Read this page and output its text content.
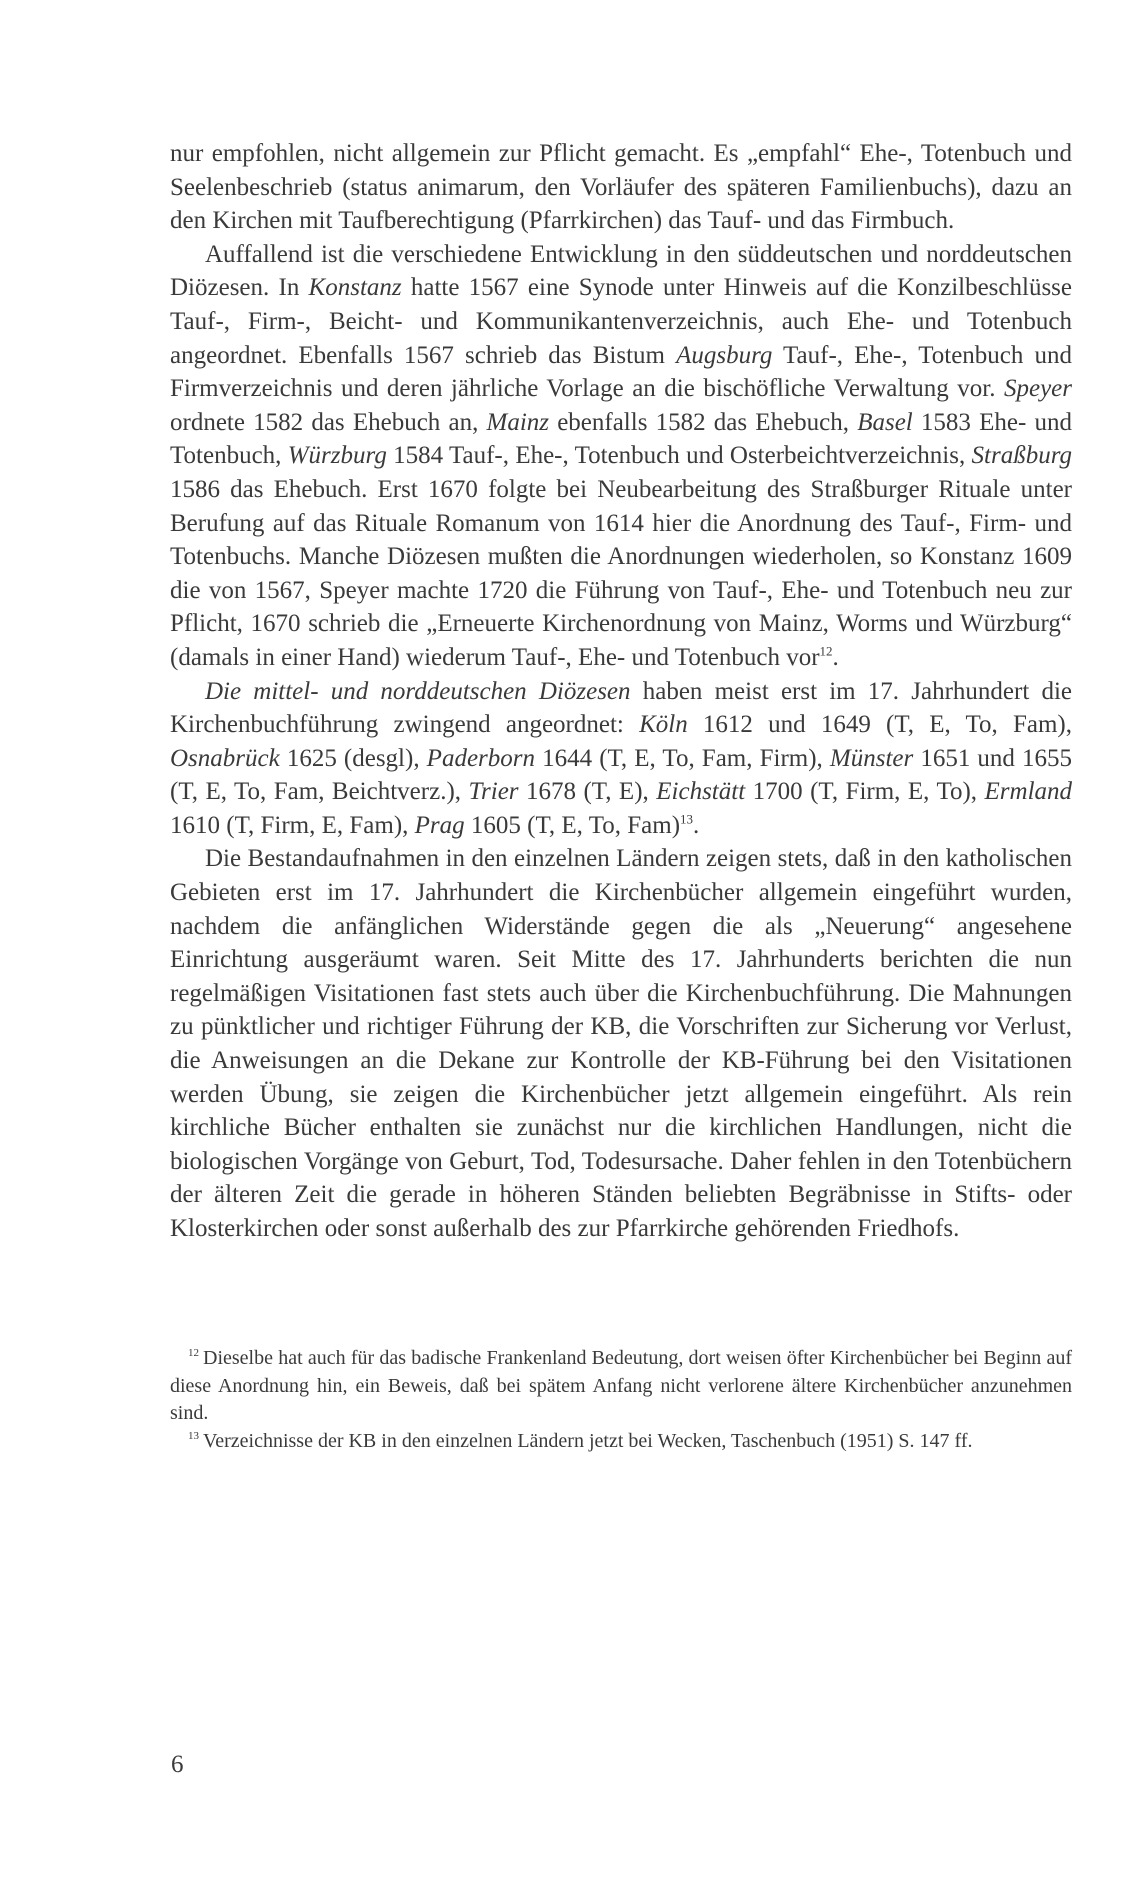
nur empfohlen, nicht allgemein zur Pflicht gemacht. Es „empfahl“ Ehe-, Totenbuch und Seelenbeschrieb (status animarum, den Vorläufer des späteren Familienbuchs), dazu an den Kirchen mit Taufberechtigung (Pfarrkirchen) das Tauf- und das Firmbuch.

Auffallend ist die verschiedene Entwicklung in den süddeutschen und norddeutschen Diözesen. In Konstanz hatte 1567 eine Synode unter Hinweis auf die Konzilbeschlüsse Tauf-, Firm-, Beicht- und Kommunikantenverzeichnis, auch Ehe- und Totenbuch angeordnet. Ebenfalls 1567 schrieb das Bistum Augsburg Tauf-, Ehe-, Totenbuch und Firmverzeichnis und deren jährliche Vorlage an die bischöfliche Verwaltung vor. Speyer ordnete 1582 das Ehebuch an, Mainz ebenfalls 1582 das Ehebuch, Basel 1583 Ehe- und Totenbuch, Würzburg 1584 Tauf-, Ehe-, Totenbuch und Osterbeichtverzeichnis, Straßburg 1586 das Ehebuch. Erst 1670 folgte bei Neubearbeitung des Straßburger Rituale unter Berufung auf das Rituale Romanum von 1614 hier die Anordnung des Tauf-, Firm- und Totenbuchs. Manche Diözesen mußten die Anordnungen wiederholen, so Konstanz 1609 die von 1567, Speyer machte 1720 die Führung von Tauf-, Ehe- und Totenbuch neu zur Pflicht, 1670 schrieb die „Erneuerte Kirchenordnung von Mainz, Worms und Würzburg“ (damals in einer Hand) wiederum Tauf-, Ehe- und Totenbuch vor$^{12}$.

Die mittel- und norddeutschen Diözesen haben meist erst im 17. Jahrhundert die Kirchenbuchführung zwingend angeordnet: Köln 1612 und 1649 (T, E, To, Fam), Osnabrück 1625 (desgl), Paderborn 1644 (T, E, To, Fam, Firm), Münster 1651 und 1655 (T, E, To, Fam, Beichtverz.), Trier 1678 (T, E), Eichstätt 1700 (T, Firm, E, To), Ermland 1610 (T, Firm, E, Fam), Prag 1605 (T, E, To, Fam)$^{13}$.

Die Bestandaufnahmen in den einzelnen Ländern zeigen stets, daß in den katholischen Gebieten erst im 17. Jahrhundert die Kirchenbücher allgemein eingeführt wurden, nachdem die anfänglichen Widerstände gegen die als „Neuerung“ angesehene Einrichtung ausgeräumt waren. Seit Mitte des 17. Jahrhunderts berichten die nun regelmäßigen Visitationen fast stets auch über die Kirchenbuchführung. Die Mahnungen zu pünktlicher und richtiger Führung der KB, die Vorschriften zur Sicherung vor Verlust, die Anweisungen an die Dekane zur Kontrolle der KB-Führung bei den Visitationen werden Übung, sie zeigen die Kirchenbücher jetzt allgemein eingeführt. Als rein kirchliche Bücher enthalten sie zunächst nur die kirchlichen Handlungen, nicht die biologischen Vorgänge von Geburt, Tod, Todesursache. Daher fehlen in den Totenbüchern der älteren Zeit die gerade in höheren Ständen beliebten Begräbnisse in Stifts- oder Klosterkirchen oder sonst außerhalb des zur Pfarrkirche gehörenden Friedhofs.

$^{12}$ Dieselbe hat auch für das badische Frankenland Bedeutung, dort weisen öfter Kirchenbücher bei Beginn auf diese Anordnung hin, ein Beweis, daß bei spätem Anfang nicht verlorene ältere Kirchenbücher anzunehmen sind.

$^{13}$ Verzeichnisse der KB in den einzelnen Ländern jetzt bei Wecken, Taschenbuch (1951) S. 147 ff.

6
